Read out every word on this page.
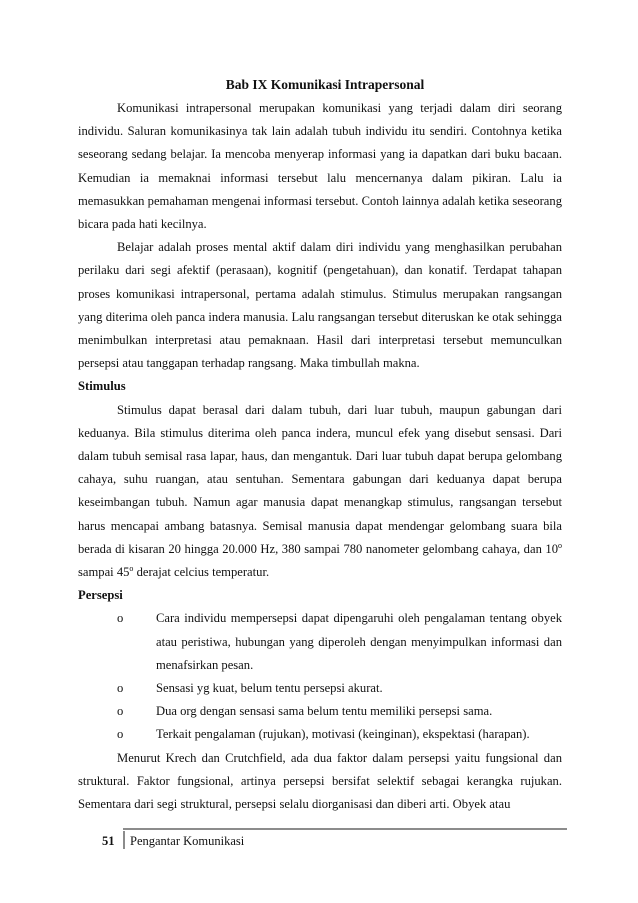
Bab IX Komunikasi Intrapersonal

Komunikasi intrapersonal merupakan komunikasi yang terjadi dalam diri seorang individu. Saluran komunikasinya tak lain adalah tubuh individu itu sendiri. Contohnya ketika seseorang sedang belajar. Ia mencoba menyerap informasi yang ia dapatkan dari buku bacaan. Kemudian ia memaknai informasi tersebut lalu mencernanya dalam pikiran. Lalu ia memasukkan pemahaman mengenai informasi tersebut. Contoh lainnya adalah ketika seseorang bicara pada hati kecilnya.

Belajar adalah proses mental aktif dalam diri individu yang menghasilkan perubahan perilaku dari segi afektif (perasaan), kognitif (pengetahuan), dan konatif. Terdapat tahapan proses komunikasi intrapersonal, pertama adalah stimulus. Stimulus merupakan rangsangan yang diterima oleh panca indera manusia. Lalu rangsangan tersebut diteruskan ke otak sehingga menimbulkan interpretasi atau pemaknaan. Hasil dari interpretasi tersebut memunculkan persepsi atau tanggapan terhadap rangsang. Maka timbullah makna.

Stimulus

Stimulus dapat berasal dari dalam tubuh, dari luar tubuh, maupun gabungan dari keduanya. Bila stimulus diterima oleh panca indera, muncul efek yang disebut sensasi. Dari dalam tubuh semisal rasa lapar, haus, dan mengantuk. Dari luar tubuh dapat berupa gelombang cahaya, suhu ruangan, atau sentuhan. Sementara gabungan dari keduanya dapat berupa keseimbangan tubuh. Namun agar manusia dapat menangkap stimulus, rangsangan tersebut harus mencapai ambang batasnya. Semisal manusia dapat mendengar gelombang suara bila berada di kisaran 20 hingga 20.000 Hz, 380 sampai 780 nanometer gelombang cahaya, dan 10$^o$ sampai 45$^o$ derajat celcius temperatur.

Persepsi
o	Cara individu mempersepsi dapat dipengaruhi oleh pengalaman tentang obyek atau peristiwa, hubungan yang diperoleh dengan menyimpulkan informasi dan menafsirkan pesan.
o	Sensasi yg kuat, belum tentu persepsi akurat.
o	Dua org dengan sensasi sama belum tentu memiliki persepsi sama.
o	Terkait pengalaman (rujukan), motivasi (keinginan), ekspektasi (harapan).

Menurut Krech dan Crutchfield, ada dua faktor dalam persepsi yaitu fungsional dan struktural. Faktor fungsional, artinya persepsi bersifat selektif sebagai kerangka rujukan. Sementara dari segi struktural, persepsi selalu diorganisasi dan diberi arti. Obyek atau

51 Pengantar Komunikasi
